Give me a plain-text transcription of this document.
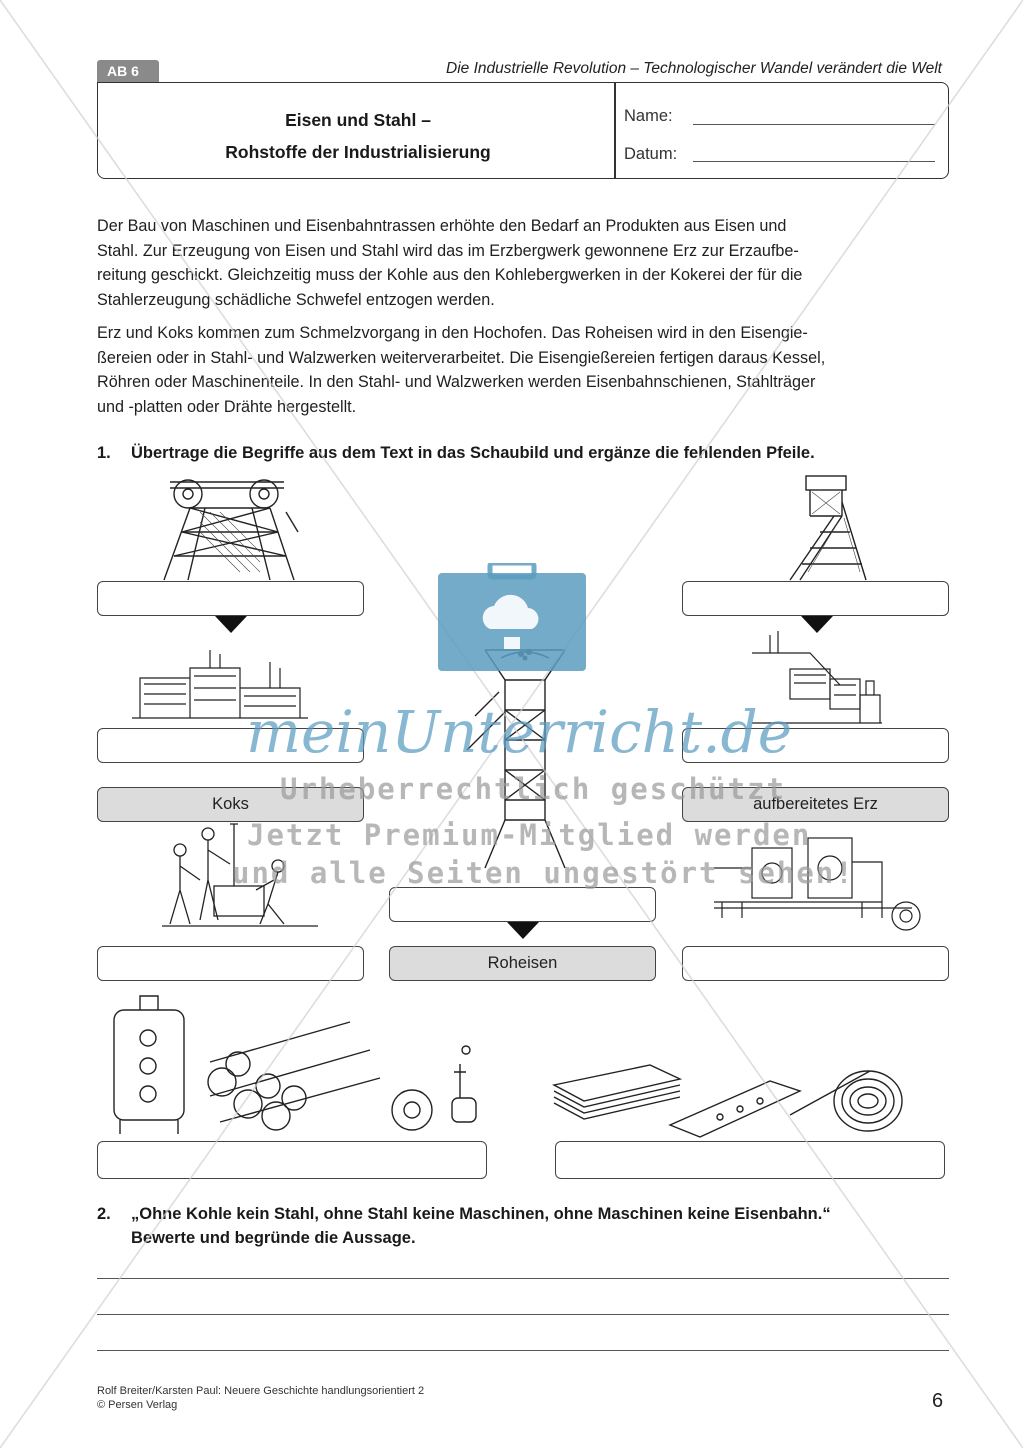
AB 6	Die Industrielle Revolution – Technologischer Wandel verändert die Welt
Eisen und Stahl –
Rohstoffe der Industrialisierung
Name:
Datum:
Der Bau von Maschinen und Eisenbahntrassen erhöhte den Bedarf an Produkten aus Eisen und
Stahl. Zur Erzeugung von Eisen und Stahl wird das im Erzbergwerk gewonnene Erz zur Erzaufbe-
reitung geschickt. Gleichzeitig muss der Kohle aus den Kohlebergwerken in der Kokerei der für die
Stahlerzeugung schädliche Schwefel entzogen werden.
Erz und Koks kommen zum Schmelzvorgang in den Hochofen. Das Roheisen wird in den Eisengie-
ßereien oder in Stahl- und Walzwerken weiterverarbeitet. Die Eisengießereien fertigen daraus Kessel,
Röhren oder Maschinenteile. In den Stahl- und Walzwerken werden Eisenbahnschienen, Stahlträger
und -platten oder Drähte hergestellt.
1. Übertrage die Begriffe aus dem Text in das Schaubild und ergänze die fehlenden Pfeile.
Koks	aufbereitetes Erz
Roheisen
2. „Ohne Kohle kein Stahl, ohne Stahl keine Maschinen, ohne Maschinen keine Eisenbahn.“
Bewerte und begründe die Aussage.
Rolf Breiter/Karsten Paul: Neuere Geschichte handlungsorientiert 2
© Persen Verlag	6
meinUnterricht.de
Urheberrechtlich geschützt
Jetzt Premium-Mitglied werden
und alle Seiten ungestört sehen!
